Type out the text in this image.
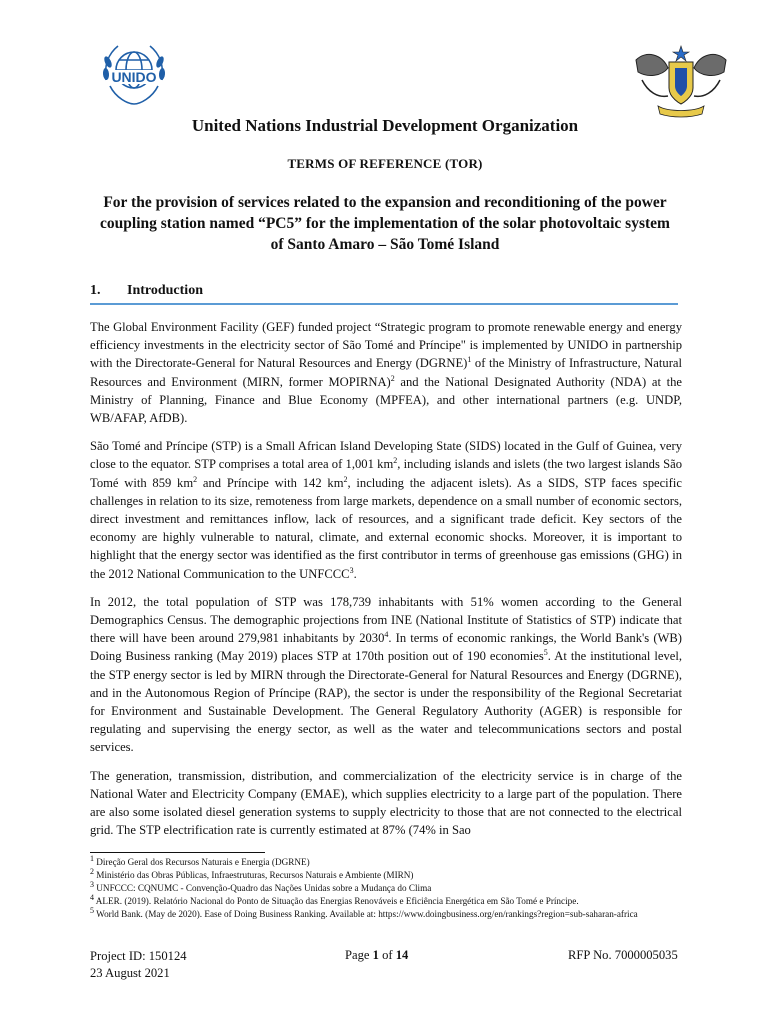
UNIDO
United Nations Industrial Development Organization
TERMS OF REFERENCE (TOR)
For the provision of services related to the expansion and reconditioning of the power coupling station named “PC5” for the implementation of the solar photovoltaic system of Santo Amaro – São Tomé Island
1. Introduction

The Global Environment Facility (GEF) funded project “Strategic program to promote renewable energy and energy efficiency investments in the electricity sector of São Tomé and Príncipe" is implemented by UNIDO in partnership with the Directorate-General for Natural Resources and Energy (DGRNE)$^1$ of the Ministry of Infrastructure, Natural Resources and Environment (MIRN, former MOPIRNA)$^2$ and the National Designated Authority (NDA) at the Ministry of Planning, Finance and Blue Economy (MPFEA), and other international partners (e.g. UNDP, WB/AFAP, AfDB).

São Tomé and Príncipe (STP) is a Small African Island Developing State (SIDS) located in the Gulf of Guinea, very close to the equator. STP comprises a total area of 1,001 $km^2$, including islands and islets (the two largest islands São Tomé with 859 $km^2$ and Príncipe with 142 $km^2$, including the adjacent islets). As a SIDS, STP faces specific challenges in relation to its size, remoteness from large markets, dependence on a small number of economic sectors, direct investment and remittances inflow, lack of resources, and a significant trade deficit. Key sectors of the economy are highly vulnerable to natural, climate, and external economic shocks. Moreover, it is important to highlight that the energy sector was identified as the first contributor in terms of greenhouse gas emissions (GHG) in the 2012 National Communication to the UNFCCC$^3$.

In 2012, the total population of STP was 178,739 inhabitants with 51% women according to the General Demographics Census. The demographic projections from INE (National Institute of Statistics of STP) indicate that there will have been around 279,981 inhabitants by 2030$^4$. In terms of economic rankings, the World Bank's (WB) Doing Business ranking (May 2019) places STP at 170th position out of 190 economies$^5$. At the institutional level, the STP energy sector is led by MIRN through the Directorate-General for Natural Resources and Energy (DGRNE), and in the Autonomous Region of Príncipe (RAP), the sector is under the responsibility of the Regional Secretariat for Environment and Sustainable Development. The General Regulatory Authority (AGER) is responsible for regulating and supervising the energy sector, as well as the water and telecommunications sectors and postal services.

The generation, transmission, distribution, and commercialization of the electricity service is in charge of the National Water and Electricity Company (EMAE), which supplies electricity to a large part of the population. There are also some isolated diesel generation systems to supply electricity to those that are not connected to the electrical grid. The STP electrification rate is currently estimated at 87% (74% in Sao

$^1$ Direção Geral dos Recursos Naturais e Energia (DGRNE)
$^2$ Ministério das Obras Públicas, Infraestruturas, Recursos Naturais e Ambiente (MIRN)
$^3$ UNFCCC: CQNUMC - Convenção-Quadro das Nações Unidas sobre a Mudança do Clima
$^4$ ALER. (2019). Relatório Nacional do Ponto de Situação das Energias Renováveis e Eficiência Energética em São Tomé e Príncipe.
$^5$ World Bank. (May de 2020). Ease of Doing Business Ranking. Available at: https://www.doingbusiness.org/en/rankings?region=sub-saharan-africa
Project ID: 150124
23 August 2021
Page 1 of 14	RFP No. 7000005035
